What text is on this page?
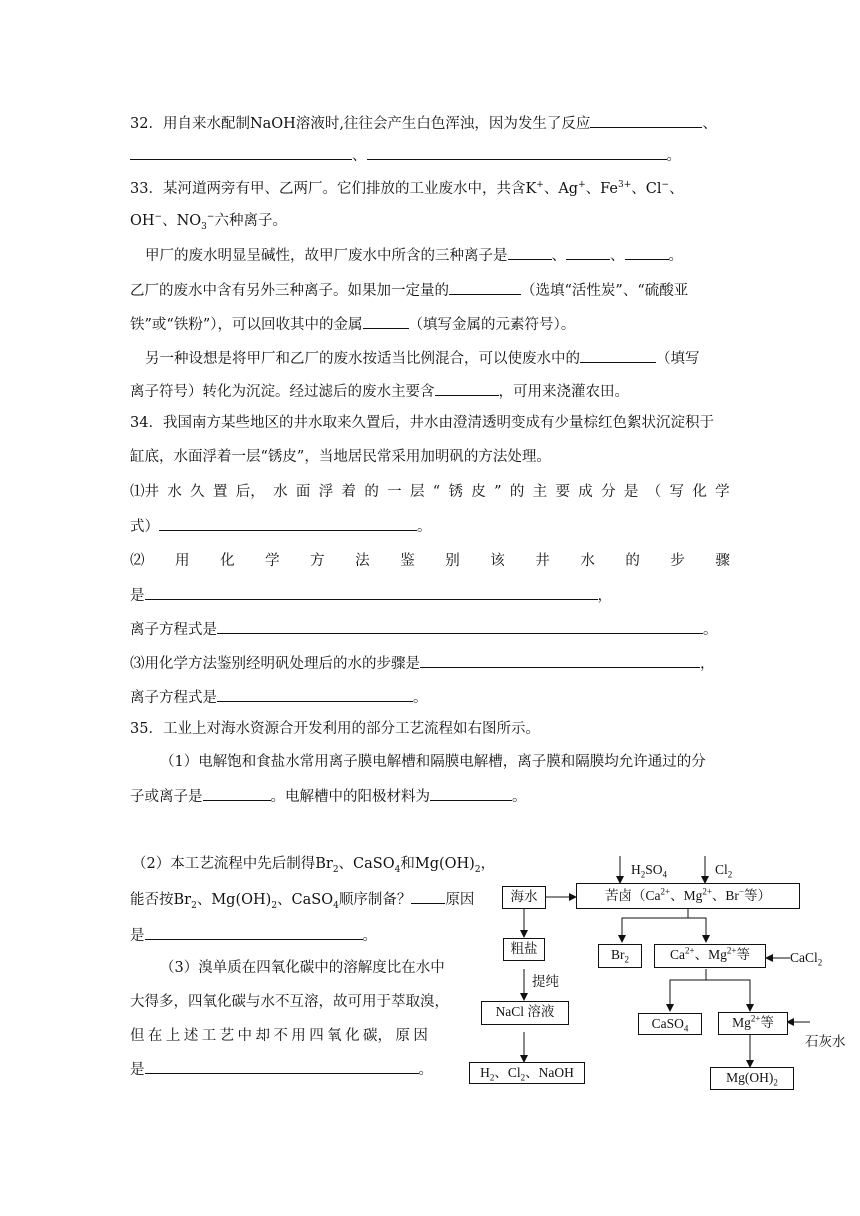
32．用自来水配制NaOH溶液时,往往会产生白色浑浊，因为发生了反应	、
、	。
33．某河道两旁有甲、乙两厂。它们排放的工业废水中，共含K+、Ag+、$Fe^{3+}$、Cl−、
OH−、$NO_3^-$六种离子。
甲厂的废水明显呈碱性，故甲厂废水中所含的三种离子是	、	、	。
乙厂的废水中含有另外三种离子。如果加一定量的	（选填“活性炭”、“硫酸亚
铁”或“铁粉”），可以回收其中的金属	（填写金属的元素符号）。
另一种设想是将甲厂和乙厂的废水按适当比例混合，可以使废水中的	（填写
离子符号）转化为沉淀。经过滤后的废水主要含	，可用来浇灌农田。
34．我国南方某些地区的井水取来久置后，井水由澄清透明变成有少量棕红色絮状沉淀积于
缸底，水面浮着一层“锈皮”，当地居民常采用加明矾的方法处理。
⑴井 水 久 置 后， 水 面 浮 着 的 一 层 “ 锈 皮 ” 的 主 要 成 分 是 （ 写 化 学
式）	。
⑵ 用 化 学 方 法 鉴 别 该 井 水 的 步 骤
是	，
离子方程式是	。
⑶用化学方法鉴别经明矾处理后的水的步骤是	，
离子方程式是	。
35．工业上对海水资源合开发利用的部分工艺流程如右图所示。
（1）电解饱和食盐水常用离子膜电解槽和隔膜电解槽，离子膜和隔膜均允许通过的分
子或离子是	。电解槽中的阳极材料为	。
（2）本工艺流程中先后制得$Br_2$、CaSO$_4$和$Mg(OH)_2$，
能否按$Br_2$、$Mg(OH)_2$、CaSO$_4$顺序制备？ 原因
是	。
（3）溴单质在四氧化碳中的溶解度比在水中
大得多，四氧化碳与水不互溶，故可用于萃取溴，
但 在 上 述 工 艺 中 却 不 用 四 氧 化 碳， 原 因
是	。
$H_2SO_4$	$Cl_2$
海水	苦卤（$Ca^{2+}$、$Mg^{2+}$、Br−等）
粗盐
提纯
$Br_2$	$Ca^{2+}$、$Mg^{2+}$等	CaCl$_2$
NaCl 溶液
CaSO$_4$	$Mg^{2+}$等
石灰水
$H_2$、$Cl_2$、NaOH	$Mg(OH)_2$
